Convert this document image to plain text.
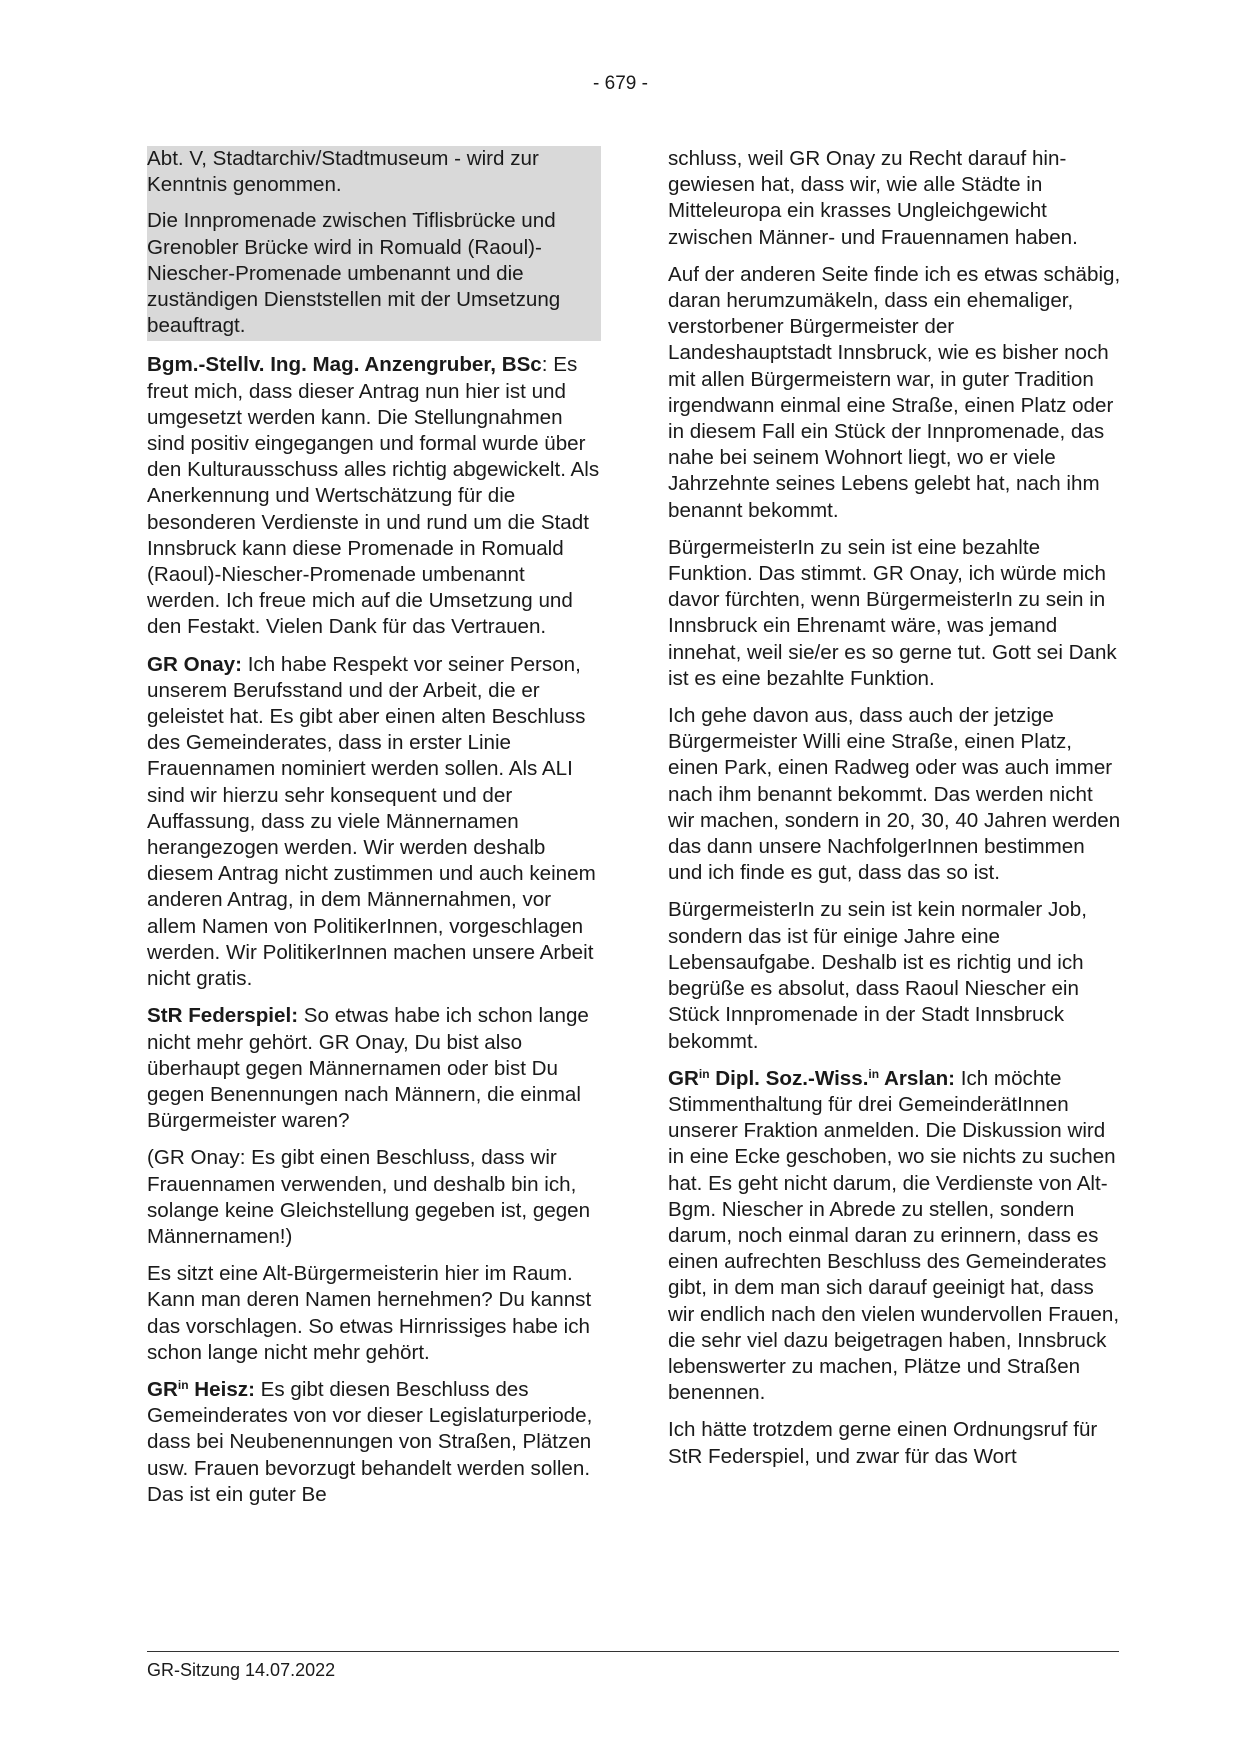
- 679 -

Abt. V, Stadtarchiv/Stadtmuseum - wird zur Kenntnis genommen.

Die Innpromenade zwischen Tiflisbrücke und Grenobler Brücke wird in Romuald (Raoul)-Niescher-Promenade umbenannt und die zuständigen Dienststellen mit der Umsetzung beauftragt.

Bgm.-Stellv. Ing. Mag. Anzengruber, BSc: Es freut mich, dass dieser Antrag nun hier ist und umgesetzt werden kann. Die Stellungnahmen sind positiv eingegangen und formal wurde über den Kulturausschuss alles richtig abgewickelt. Als Anerkennung und Wertschätzung für die besonderen Verdienste in und rund um die Stadt Innsbruck kann diese Promenade in Romuald (Raoul)-Niescher-Promenade umbenannt werden. Ich freue mich auf die Umsetzung und den Festakt. Vielen Dank für das Vertrauen.

GR Onay: Ich habe Respekt vor seiner Person, unserem Berufsstand und der Arbeit, die er geleistet hat. Es gibt aber einen alten Beschluss des Gemeinderates, dass in erster Linie Frauennamen nominiert werden sollen. Als ALI sind wir hierzu sehr konsequent und der Auffassung, dass zu viele Männernamen herangezogen werden. Wir werden deshalb diesem Antrag nicht zustimmen und auch keinem anderen Antrag, in dem Männernahmen, vor allem Namen von PolitikerInnen, vorgeschlagen werden. Wir PolitikerInnen machen unsere Arbeit nicht gratis.

StR Federspiel: So etwas habe ich schon lange nicht mehr gehört. GR Onay, Du bist also überhaupt gegen Männernamen oder bist Du gegen Benennungen nach Männern, die einmal Bürgermeister waren?

(GR Onay: Es gibt einen Beschluss, dass wir Frauennamen verwenden, und deshalb bin ich, solange keine Gleichstellung gegeben ist, gegen Männernamen!)

Es sitzt eine Alt-Bürgermeisterin hier im Raum. Kann man deren Namen hernehmen? Du kannst das vorschlagen. So etwas Hirnrissiges habe ich schon lange nicht mehr gehört.

$GR^{in}$ Heisz: Es gibt diesen Beschluss des Gemeinderates von vor dieser Legislaturperiode, dass bei Neubenennungen von Straßen, Plätzen usw. Frauen bevorzugt behandelt werden sollen. Das ist ein guter Be

schluss, weil GR Onay zu Recht darauf hingewiesen hat, dass wir, wie alle Städte in Mitteleuropa ein krasses Ungleichgewicht zwischen Männer- und Frauennamen haben.

Auf der anderen Seite finde ich es etwas schäbig, daran herumzumäkeln, dass ein ehemaliger, verstorbener Bürgermeister der Landeshauptstadt Innsbruck, wie es bisher noch mit allen Bürgermeistern war, in guter Tradition irgendwann einmal eine Straße, einen Platz oder in diesem Fall ein Stück der Innpromenade, das nahe bei seinem Wohnort liegt, wo er viele Jahrzehnte seines Lebens gelebt hat, nach ihm benannt bekommt.

BürgermeisterIn zu sein ist eine bezahlte Funktion. Das stimmt. GR Onay, ich würde mich davor fürchten, wenn BürgermeisterIn zu sein in Innsbruck ein Ehrenamt wäre, was jemand innehat, weil sie/er es so gerne tut. Gott sei Dank ist es eine bezahlte Funktion.

Ich gehe davon aus, dass auch der jetzige Bürgermeister Willi eine Straße, einen Platz, einen Park, einen Radweg oder was auch immer nach ihm benannt bekommt. Das werden nicht wir machen, sondern in 20, 30, 40 Jahren werden das dann unsere NachfolgerInnen bestimmen und ich finde es gut, dass das so ist.

BürgermeisterIn zu sein ist kein normaler Job, sondern das ist für einige Jahre eine Lebensaufgabe. Deshalb ist es richtig und ich begrüße es absolut, dass Raoul Niescher ein Stück Innpromenade in der Stadt Innsbruck bekommt.

$GR^{in}$ Dipl. Soz.-Wiss.$^{in}$ Arslan: Ich möchte Stimmenthaltung für drei GemeinderätInnen unserer Fraktion anmelden. Die Diskussion wird in eine Ecke geschoben, wo sie nichts zu suchen hat. Es geht nicht darum, die Verdienste von Alt-Bgm. Niescher in Abrede zu stellen, sondern darum, noch einmal daran zu erinnern, dass es einen aufrechten Beschluss des Gemeinderates gibt, in dem man sich darauf geeinigt hat, dass wir endlich nach den vielen wundervollen Frauen, die sehr viel dazu beigetragen haben, Innsbruck lebenswerter zu machen, Plätze und Straßen benennen.

Ich hätte trotzdem gerne einen Ordnungsruf für StR Federspiel, und zwar für das Wort

GR-Sitzung 14.07.2022
